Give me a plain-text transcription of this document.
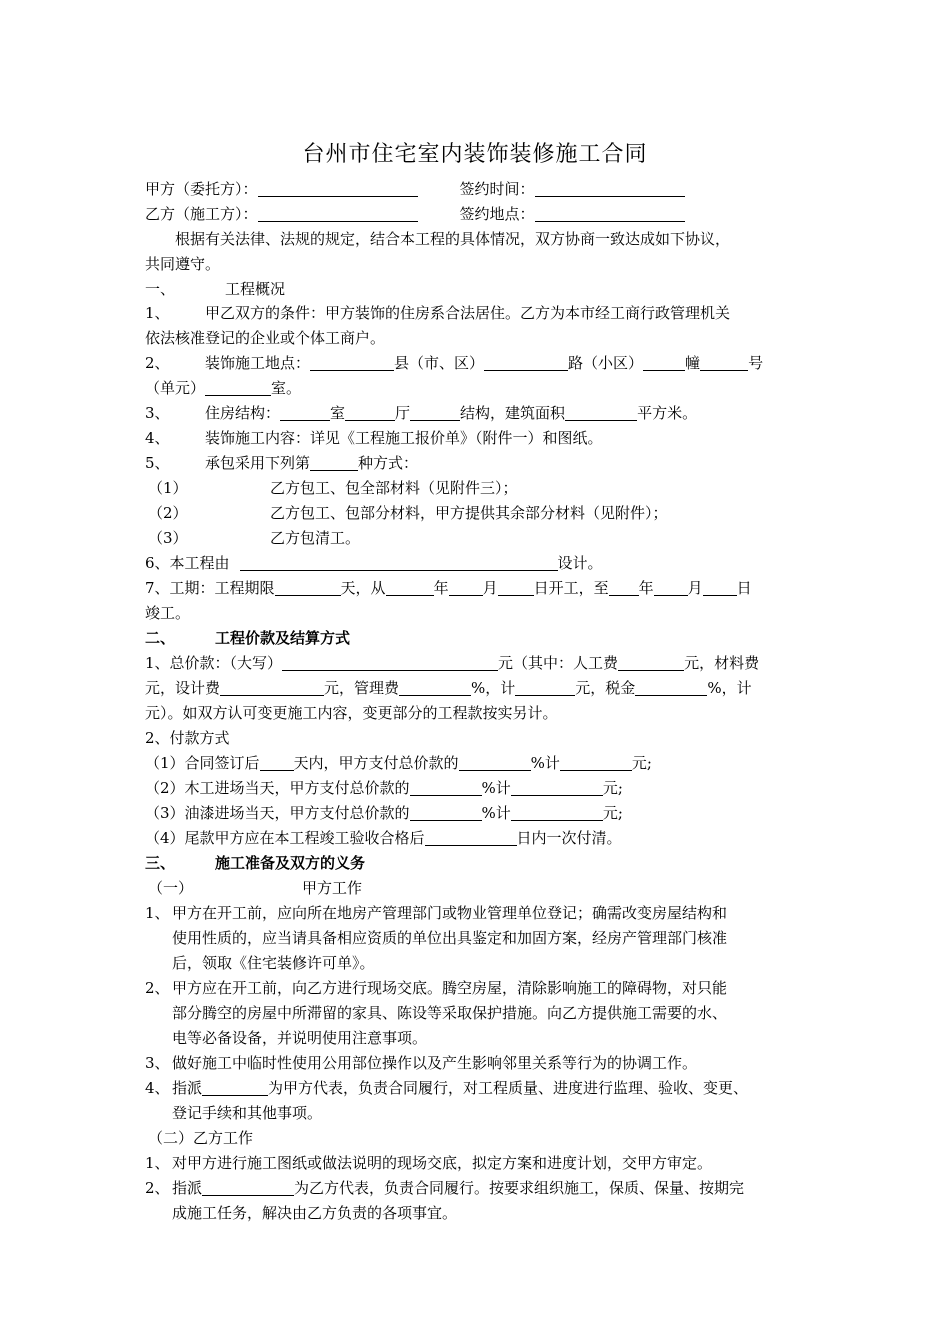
台州市住宅室内装饰装修施工合同
甲方（委托方）：	签约时间：
乙方（施工方）：	签约地点：
根据有关法律、法规的规定，结合本工程的具体情况，双方协商一致达成如下协议，
共同遵守。
一、	工程概况
1、 甲乙双方的条件：甲方装饰的住房系合法居住。乙方为本市经工商行政管理机关
依法核准登记的企业或个体工商户。
2、 装饰施工地点：	县（市、区）	路（小区）	幢	号
（单元）	室。
3、 住房结构：	室	厅	结构，建筑面积	平方米。
4、 装饰施工内容：详见《工程施工报价单》（附件一）和图纸。
5、 承包采用下列第	种方式：
（1）	乙方包工、包全部材料（见附件三）；
（2）	乙方包工、包部分材料，甲方提供其余部分材料（见附件）；
（3）	乙方包清工。
6、本工程由	设计。
7、工期：工程期限	天，从	年 月 日开工，至 年 月 日
竣工。
二、	工程价款及结算方式
1、总价款：（大写）	元（其中：人工费	元，材料费
元，设计费	元，管理费	%，计	元，税金	%，计
元）。如双方认可变更施工内容，变更部分的工程款按实另计。
2、付款方式
（1）合同签订后 天内，甲方支付总价款的	%计	元;
（2）木工进场当天，甲方支付总价款的	%计	元;
（3）油漆进场当天，甲方支付总价款的	%计	元;
（4）尾款甲方应在本工程竣工验收合格后	日内一次付清。
三、	施工准备及双方的义务
（一）	甲方工作
1、 甲方在开工前，应向所在地房产管理部门或物业管理单位登记；确需改变房屋结构和
使用性质的，应当请具备相应资质的单位出具鉴定和加固方案，经房产管理部门核准
后，领取《住宅装修许可单》。
2、 甲方应在开工前，向乙方进行现场交底。腾空房屋，清除影响施工的障碍物，对只能
部分腾空的房屋中所滞留的家具、陈设等采取保护措施。向乙方提供施工需要的水、
电等必备设备，并说明使用注意事项。
3、 做好施工中临时性使用公用部位操作以及产生影响邻里关系等行为的协调工作。
4、 指派	为甲方代表，负责合同履行，对工程质量、进度进行监理、验收、变更、
登记手续和其他事项。
（二）乙方工作
1、 对甲方进行施工图纸或做法说明的现场交底，拟定方案和进度计划，交甲方审定。
2、 指派	为乙方代表，负责合同履行。按要求组织施工，保质、保量、按期完
成施工任务，解决由乙方负责的各项事宜。
